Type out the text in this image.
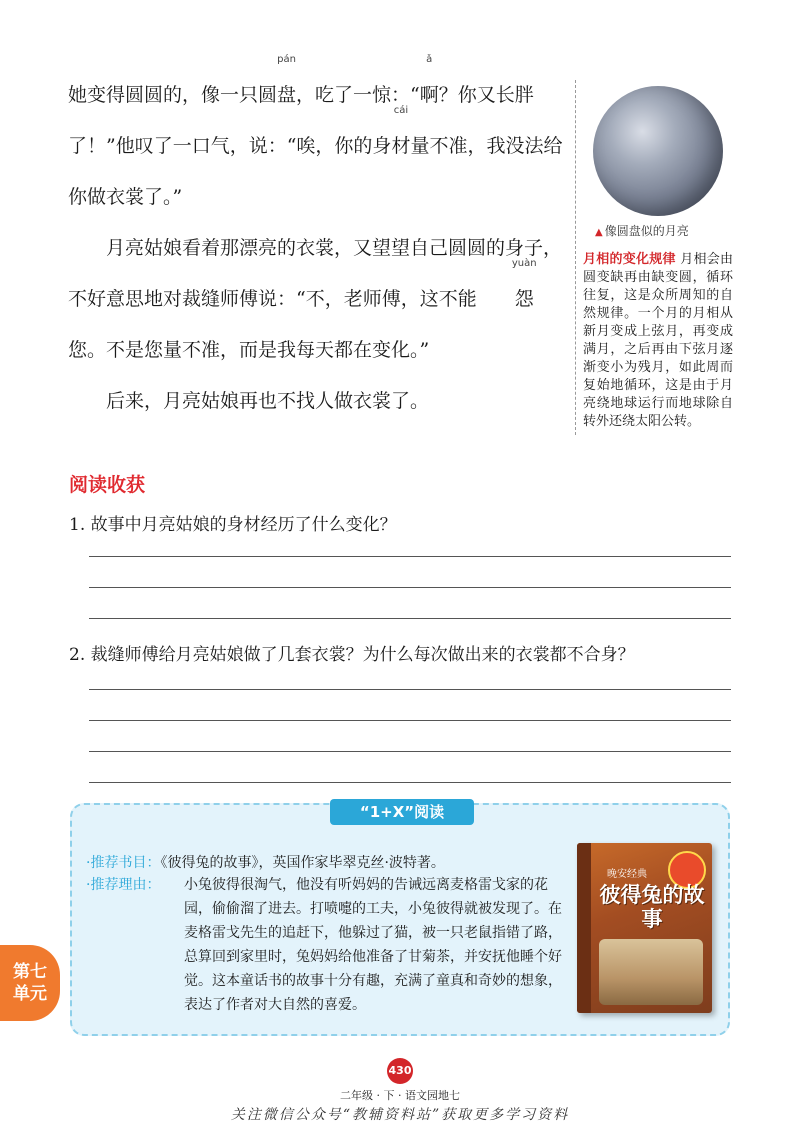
她变得圆圆的，像一只圆
pán
盘，吃了一惊：“
ǎ
啊？你又长胖了！”他叹了一口气，说：“唉，你的身
cái
材量不准，我没法给你做衣裳了。”

月亮姑娘看着那漂亮的衣裳，又望望自己圆圆的身子，不好意思地对裁缝师傅说：“不，老师傅，这不能
yuàn
怨您。不是您量不准，而是我每天都在变化。”

后来，月亮姑娘再也不找人做衣裳了。

▲ 像圆盘似的月亮
月相的变化规律 月相会由圆变缺再由缺变圆，循环往复，这是众所周知的自然规律。一个月的月相从新月变成上弦月，再变成满月，之后再由下弦月逐渐变小为残月，如此周而复始地循环，这是由于月亮绕地球运行而地球除自转外还绕太阳公转。
阅读收获
1. 故事中月亮姑娘的身材经历了什么变化？
2. 裁缝师傅给月亮姑娘做了几套衣裳？为什么每次做出来的衣裳都不合身？
“1+X”阅读
·推荐书目：《彼得兔的故事》，英国作家毕翠克丝·波特著。
·推荐理由：	小兔彼得很淘气，他没有听妈妈的告诫远离麦格雷戈家的花园，偷偷溜了进去。打喷嚏的工夫，小兔彼得就被发现了。在麦格雷戈先生的追赶下，他躲过了猫，被一只老鼠指错了路，总算回到家里时，兔妈妈给他准备了甘菊茶，并安抚他睡个好觉。这本童话书的故事十分有趣，充满了童真和奇妙的想象，表达了作者对大自然的喜爱。
晚安经典
彼得兔的故事
第七
单元
430
二年级 · 下 · 语文园地七
关注微信公众号“教辅资料站”获取更多学习资料
